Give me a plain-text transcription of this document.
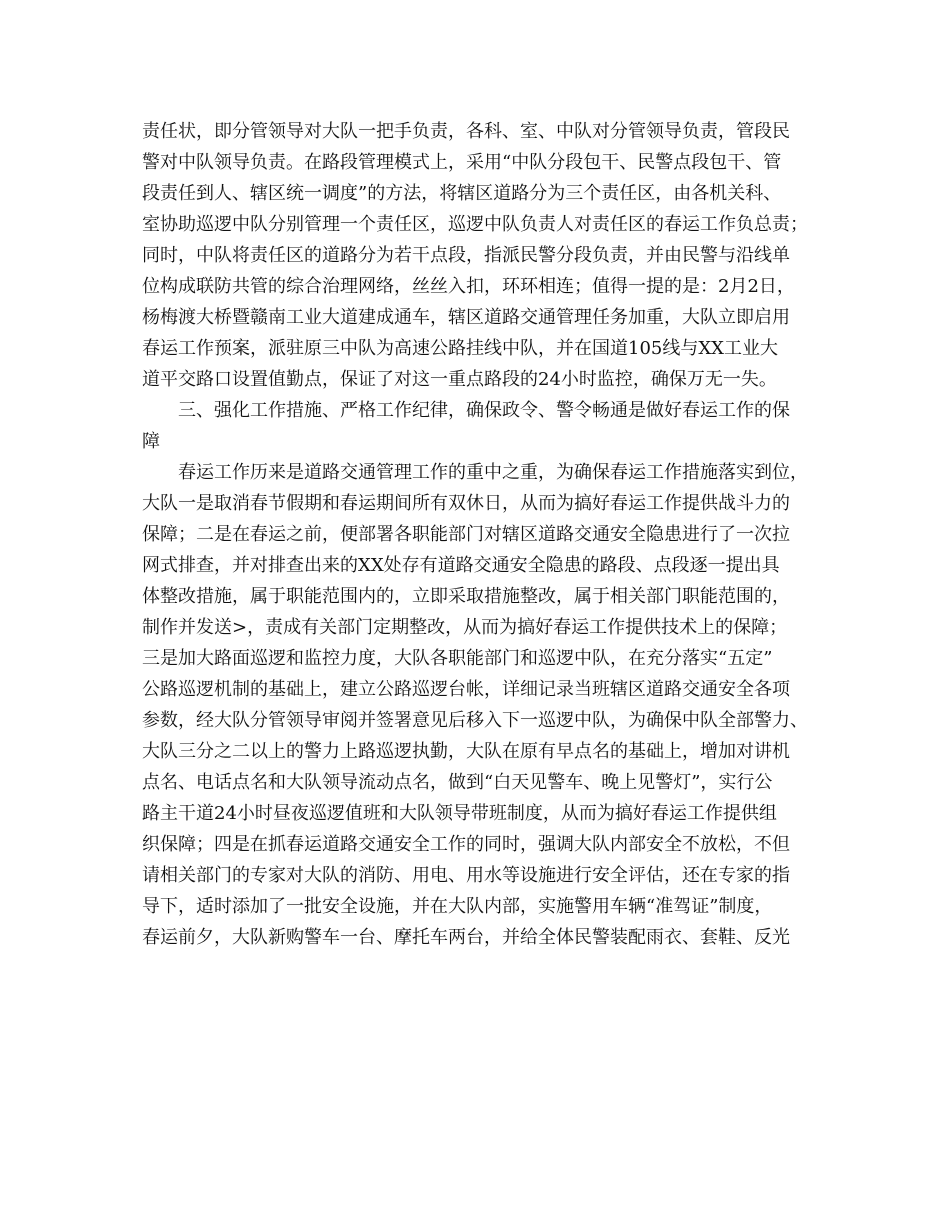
责任状，即分管领导对大队一把手负责，各科、室、中队对分管领导负责，管段民
警对中队领导负责。在路段管理模式上，采用“中队分段包干、民警点段包干、管
段责任到人、辖区统一调度”的方法，将辖区道路分为三个责任区，由各机关科、
室协助巡逻中队分别管理一个责任区，巡逻中队负责人对责任区的春运工作负总责；
同时，中队将责任区的道路分为若干点段，指派民警分段负责，并由民警与沿线单
位构成联防共管的综合治理网络，丝丝入扣，环环相连；值得一提的是：2月2日，
杨梅渡大桥暨赣南工业大道建成通车，辖区道路交通管理任务加重，大队立即启用
春运工作预案，派驻原三中队为高速公路挂线中队，并在国道105线与XX工业大
道平交路口设置值勤点，保证了对这一重点路段的24小时监控，确保万无一失。
三、强化工作措施、严格工作纪律，确保政令、警令畅通是做好春运工作的保
障
春运工作历来是道路交通管理工作的重中之重，为确保春运工作措施落实到位，
大队一是取消春节假期和春运期间所有双休日，从而为搞好春运工作提供战斗力的
保障；二是在春运之前，便部署各职能部门对辖区道路交通安全隐患进行了一次拉
网式排查，并对排查出来的XX处存有道路交通安全隐患的路段、点段逐一提出具
体整改措施，属于职能范围内的，立即采取措施整改，属于相关部门职能范围的，
制作并发送>，责成有关部门定期整改，从而为搞好春运工作提供技术上的保障；
三是加大路面巡逻和监控力度，大队各职能部门和巡逻中队，在充分落实“五定”
公路巡逻机制的基础上，建立公路巡逻台帐，详细记录当班辖区道路交通安全各项
参数，经大队分管领导审阅并签署意见后移入下一巡逻中队，为确保中队全部警力、
大队三分之二以上的警力上路巡逻执勤，大队在原有早点名的基础上，增加对讲机
点名、电话点名和大队领导流动点名，做到“白天见警车、晚上见警灯”，实行公
路主干道24小时昼夜巡逻值班和大队领导带班制度，从而为搞好春运工作提供组
织保障；四是在抓春运道路交通安全工作的同时，强调大队内部安全不放松，不但
请相关部门的专家对大队的消防、用电、用水等设施进行安全评估，还在专家的指
导下，适时添加了一批安全设施，并在大队内部，实施警用车辆“准驾证”制度，
春运前夕，大队新购警车一台、摩托车两台，并给全体民警装配雨衣、套鞋、反光
